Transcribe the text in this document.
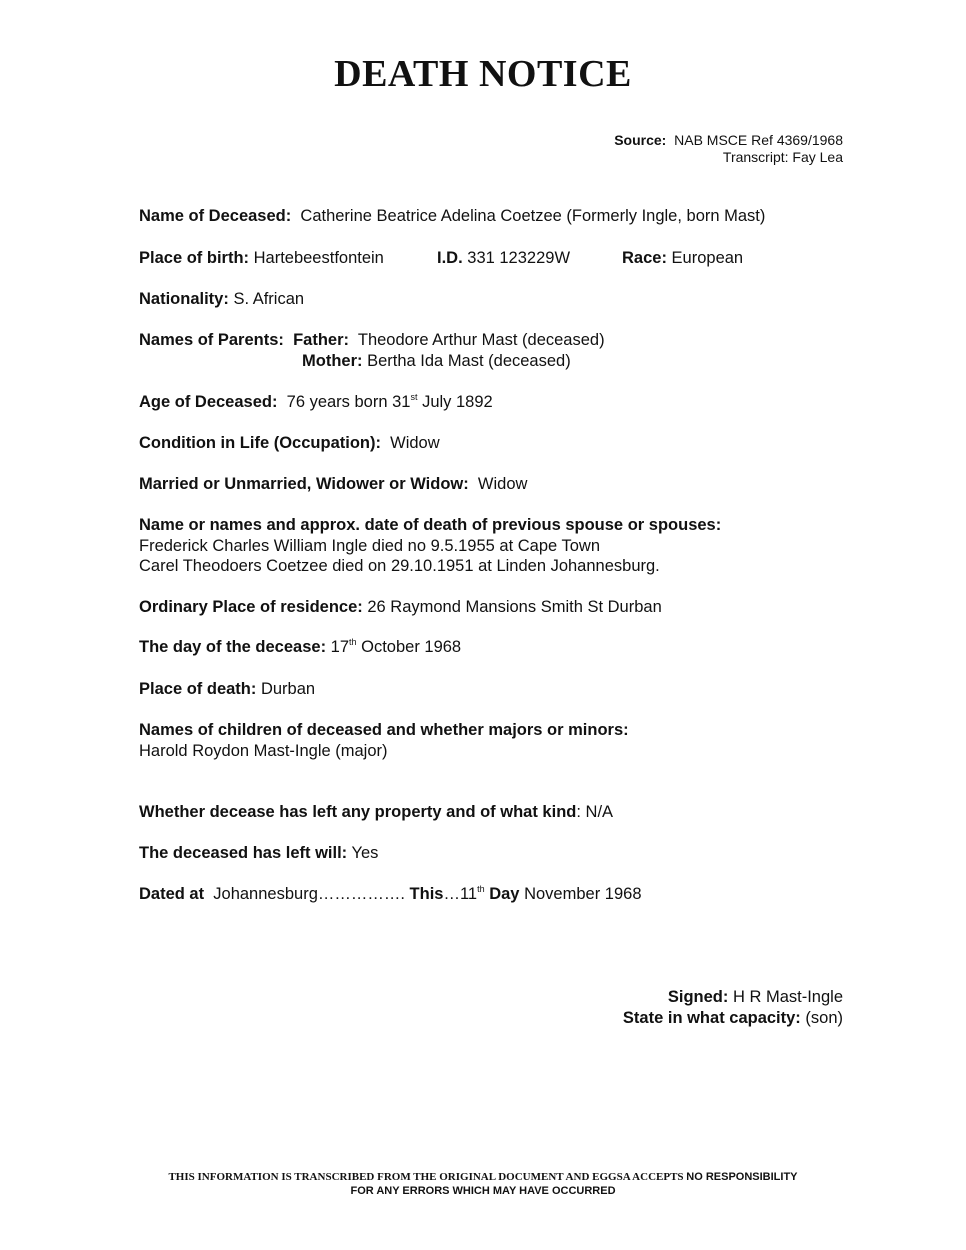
DEATH NOTICE
Source: NAB MSCE Ref 4369/1968
Transcript: Fay Lea
Name of Deceased: Catherine Beatrice Adelina Coetzee (Formerly Ingle, born Mast)
Place of birth: Hartebeestfontein	I.D. 331 123229W	Race: European
Nationality: S. African
Names of Parents: Father: Theodore Arthur Mast (deceased)
Mother: Bertha Ida Mast (deceased)
Age of Deceased: 76 years born 31st July 1892
Condition in Life (Occupation): Widow
Married or Unmarried, Widower or Widow: Widow
Name or names and approx. date of death of previous spouse or spouses:
Frederick Charles William Ingle died no 9.5.1955 at Cape Town
Carel Theodoers Coetzee died on 29.10.1951 at Linden Johannesburg.
Ordinary Place of residence: 26 Raymond Mansions Smith St Durban
The day of the decease: 17th October 1968
Place of death: Durban
Names of children of deceased and whether majors or minors:
Harold Roydon Mast-Ingle (major)
Whether decease has left any property and of what kind: N/A
The deceased has left will: Yes
Dated at Johannesburg……………. This…11th Day November 1968
Signed: H R Mast-Ingle
State in what capacity: (son)
THIS INFORMATION IS TRANSCRIBED FROM THE ORIGINAL DOCUMENT AND EGGSA ACCEPTS NO RESPONSIBILITY
FOR ANY ERRORS WHICH MAY HAVE OCCURRED
